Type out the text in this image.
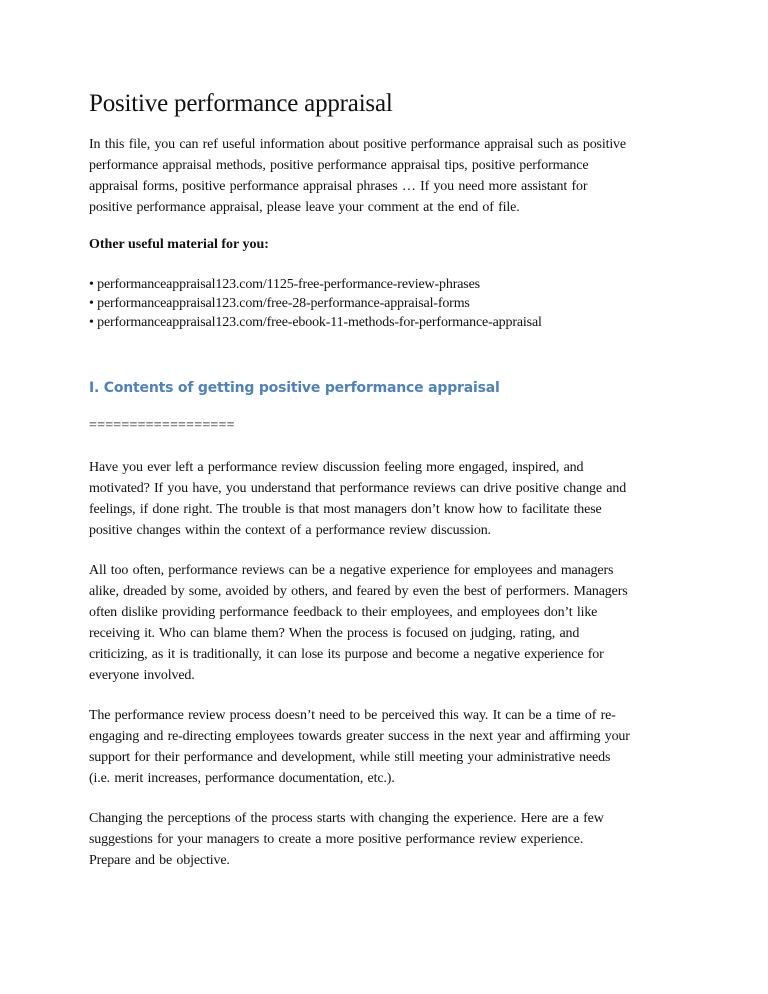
Positive performance appraisal

In this file, you can ref useful information about positive performance appraisal such as positive
performance appraisal methods, positive performance appraisal tips, positive performance
appraisal forms, positive performance appraisal phrases … If you need more assistant for
positive performance appraisal, please leave your comment at the end of file.

Other useful material for you:
• performanceappraisal123.com/1125-free-performance-review-phrases
• performanceappraisal123.com/free-28-performance-appraisal-forms
• performanceappraisal123.com/free-ebook-11-methods-for-performance-appraisal
I. Contents of getting positive performance appraisal
==================

Have you ever left a performance review discussion feeling more engaged, inspired, and
motivated? If you have, you understand that performance reviews can drive positive change and
feelings, if done right. The trouble is that most managers don’t know how to facilitate these
positive changes within the context of a performance review discussion.

All too often, performance reviews can be a negative experience for employees and managers
alike, dreaded by some, avoided by others, and feared by even the best of performers. Managers
often dislike providing performance feedback to their employees, and employees don’t like
receiving it. Who can blame them? When the process is focused on judging, rating, and
criticizing, as it is traditionally, it can lose its purpose and become a negative experience for
everyone involved.

The performance review process doesn’t need to be perceived this way. It can be a time of re-
engaging and re-directing employees towards greater success in the next year and affirming your
support for their performance and development, while still meeting your administrative needs
(i.e. merit increases, performance documentation, etc.).

Changing the perceptions of the process starts with changing the experience. Here are a few
suggestions for your managers to create a more positive performance review experience.
Prepare and be objective.
